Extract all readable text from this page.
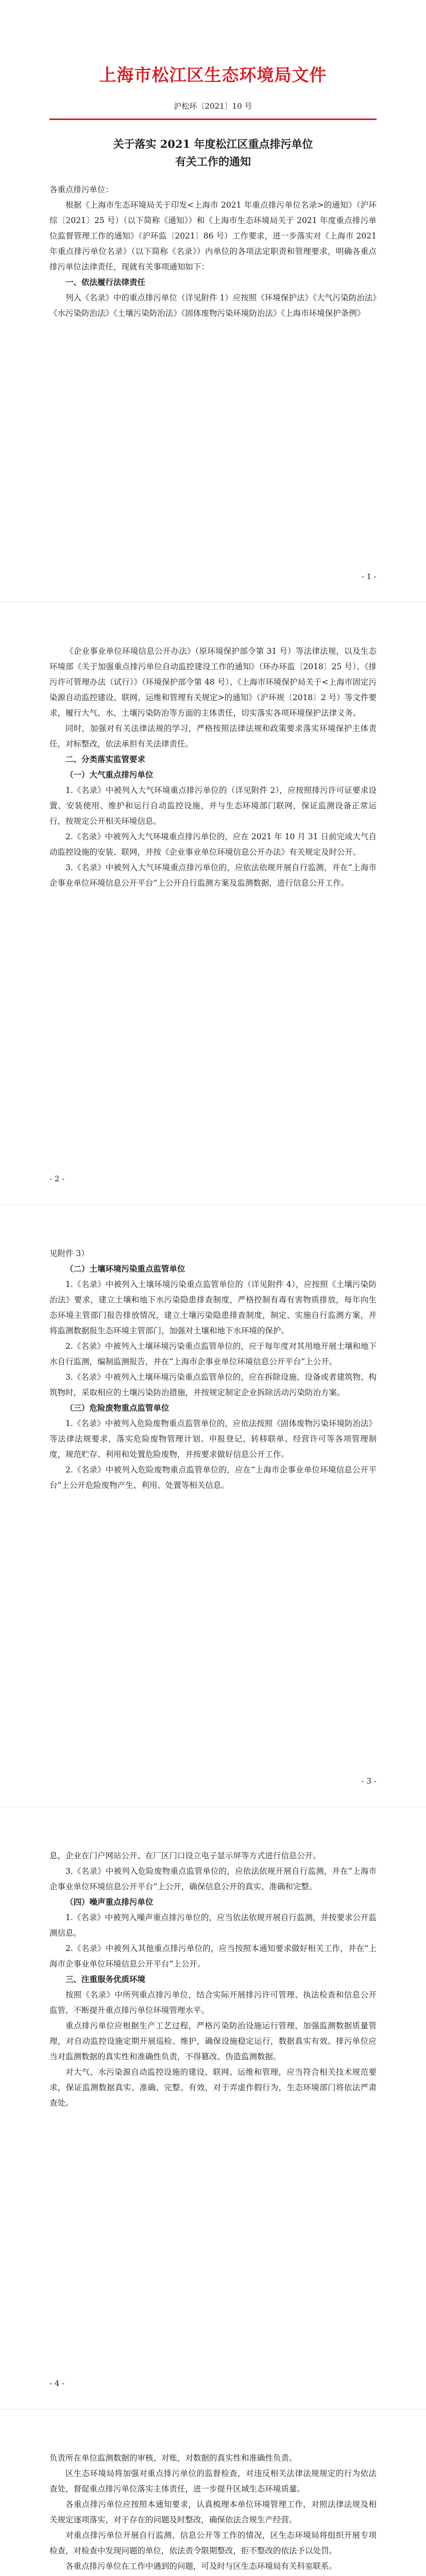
上海市松江区生态环境局文件
沪松环〔2021〕10 号
关于落实 2021 年度松江区重点排污单位
有关工作的通知

各重点排污单位：

根据《上海市生态环境局关于印发<上海市 2021 年重点排污单位名录>的通知》（沪环综〔2021〕25 号）（以下简称《通知》）和《上海市生态环境局关于 2021 年度重点排污单位监督管理工作的通知》（沪环监〔2021〕86 号）工作要求，进一步落实对《上海市 2021 年重点排污单位名录》（以下简称《名录》）内单位的各项法定职责和管理要求，明确各重点排污单位法律责任，现就有关事项通知如下：

一、依法履行法律责任

列入《名录》中的重点排污单位（详见附件 1）应按照《环境保护法》《大气污染防治法》《水污染防治法》《土壤污染防治法》《固体废物污染环境防治法》《上海市环境保护条例》

- 1 -

《企业事业单位环境信息公开办法》（原环境保护部令第 31 号）等法律法规，以及生态环境部《关于加强重点排污单位自动监控建设工作的通知》（环办环监〔2018〕25 号）、《排污许可管理办法（试行）》（环境保护部令第 48 号）、《上海市环境保护局关于<上海市固定污染源自动监控建设、联网、运维和管理有关规定>的通知》（沪环规〔2018〕2 号）等文件要求，履行大气、水、土壤污染防治等方面的主体责任，切实落实各项环境保护法律义务。

同时，加强对有关法律法规的学习，严格按照法律法规和政策要求落实环境保护主体责任，对标整改，依法承担有关法律责任。

二、分类落实监管要求

（一）大气重点排污单位

1.《名录》中被列入大气环境重点排污单位的（详见附件 2），应按照排污许可证要求设置、安装使用、维护和运行自动监控设施，并与生态环境部门联网，保证监测设备正常运行，按规定公开相关环境信息。

2.《名录》中被列入大气环境重点排污单位的，应在 2021 年 10 月 31 日前完成大气自动监控设施的安装、联网，并按《企业事业单位环境信息公开办法》有关规定及时公开。

3.《名录》中被列入大气环境重点排污单位的，应依法依规开展自行监测，并在“上海市企事业单位环境信息公开平台”上公开自行监测方案及监测数据，进行信息公开工作。

- 2 -

见附件 3）

（二）土壤环境污染重点监管单位

1.《名录》中被列入土壤环境污染重点监管单位的（详见附件 4），应按照《土壤污染防治法》要求，建立土壤和地下水污染隐患排查制度，严格控制有毒有害物质排放，每年向生态环境主管部门报告排放情况，建立土壤污染隐患排查制度，制定、实施自行监测方案，并将监测数据报生态环境主管部门，加强对土壤和地下水环境的保护。

2.《名录》中被列入土壤环境污染重点监管单位的，应于每年度对其用地开展土壤和地下水自行监测，编制监测报告，并在“上海市企事业单位环境信息公开平台”上公开。

3.《名录》中被列入土壤环境污染重点监管单位的，应在拆除设施、设备或者建筑物、构筑物时，采取相应的土壤污染防治措施，并按规定制定企业拆除活动污染防治方案。

（三）危险废物重点监管单位

1.《名录》中被列入危险废物重点监管单位的，应依法按照《固体废物污染环境防治法》等法律法规要求，落实危险废物管理计划、申报登记、转移联单、经营许可等各项管理制度，规范贮存、利用和处置危险废物，并按要求做好信息公开工作。

2.《名录》中被列入危险废物重点监管单位的，应在“上海市企事业单位环境信息公开平台”上公开危险废物产生、利用、处置等相关信息。

- 3 -

息，企业在门户网站公开、在厂区门口设立电子显示屏等方式进行信息公开。

3.《名录》中被列入危险废物重点监管单位的，应依法依规开展自行监测，并在“上海市企事业单位环境信息公开平台”上公开，确保信息公开的真实、准确和完整。

（四）噪声重点排污单位

1.《名录》中被列入噪声重点排污单位的，应当依法依规开展自行监测，并按要求公开监测信息。

2.《名录》中被列入其他重点排污单位的，应当按照本通知要求做好相关工作，并在“上海市企事业单位环境信息公开平台”上公开。

三、注重服务优质环境

按照《名录》中所列重点排污单位，结合实际开展排污许可管理、执法检查和信息公开监管，不断提升重点排污单位环境管理水平。

重点排污单位应根据生产工艺过程，严格污染防治设施运行管理，加强监测数据质量管理，对自动监控设施定期开展巡检、维护，确保设施稳定运行，数据真实有效。排污单位应当对监测数据的真实性和准确性负责，不得篡改、伪造监测数据。

对大气、水污染源自动监控设施的建设、联网、运维和管理，应当符合相关技术规范要求，保证监测数据真实、准确、完整、有效，对于弄虚作假行为，生态环境部门将依法严肃查处。

- 4 -

负责所在单位监测数据的审核、对账，对数据的真实性和准确性负责。

区生态环境局将加强对重点排污单位的监督检查，对违反相关法律法规规定的行为依法查处，督促重点排污单位落实主体责任，进一步提升区域生态环境质量。

各重点排污单位应按照本通知要求，认真梳理本单位环境管理工作，对照法律法规及相关规定逐项落实，对于存在的问题及时整改，确保依法合规生产经营。

对重点排污单位开展自行监测、信息公开等工作的情况，区生态环境局将组织开展专项检查，对检查中发现问题的单位，依法责令限期整改，拒不整改的依法予以处罚。

各重点排污单位在工作中遇到的问题，可及时与区生态环境局有关科室联系。
